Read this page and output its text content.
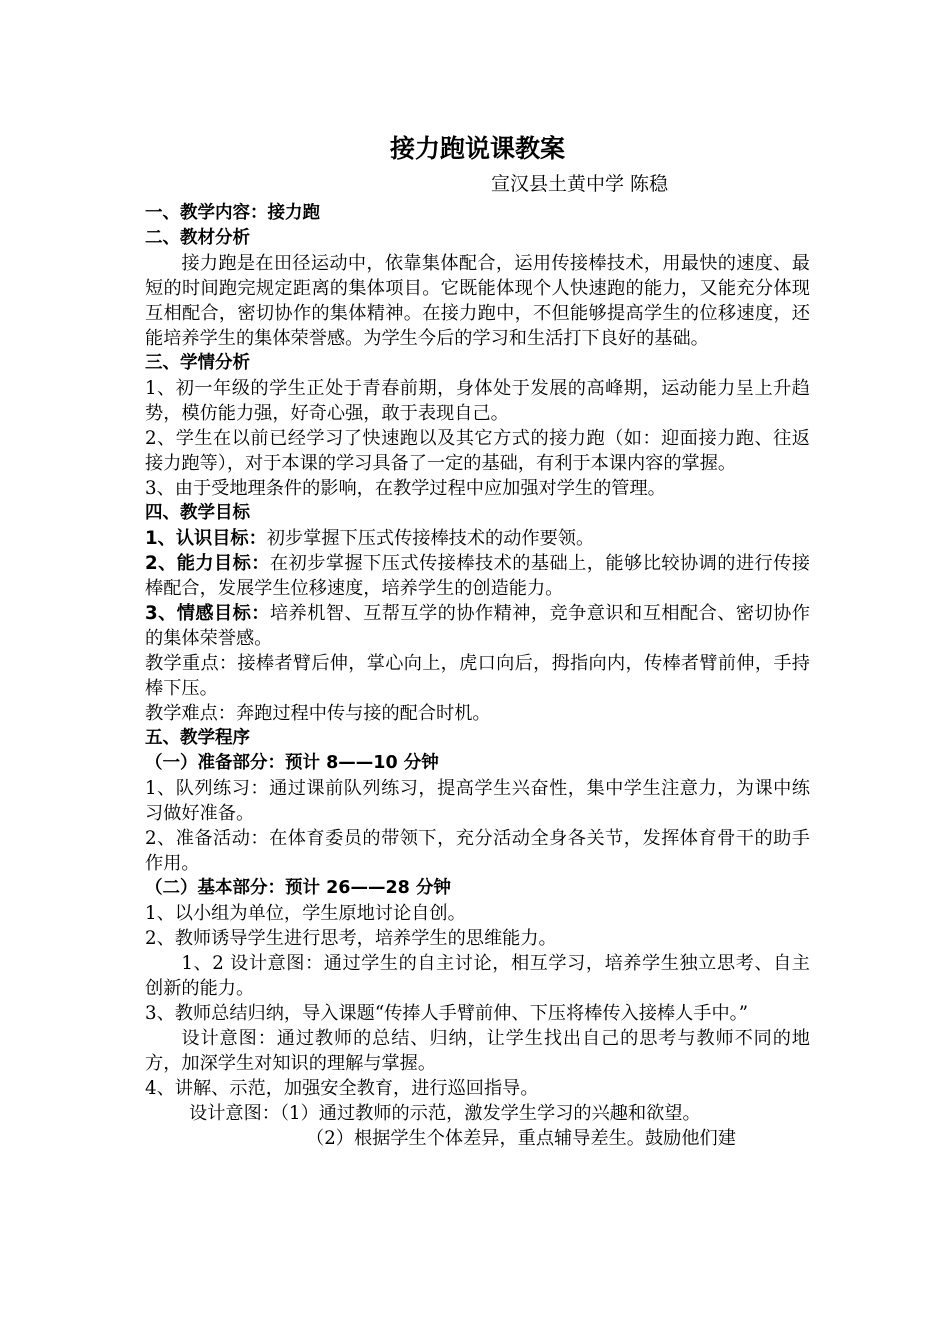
接力跑说课教案
宣汉县土黄中学 陈稳

一、教学内容：接力跑

二、教材分析

接力跑是在田径运动中，依靠集体配合，运用传接棒技术，用最快的速度、最短的时间跑完规定距离的集体项目。它既能体现个人快速跑的能力，又能充分体现互相配合，密切协作的集体精神。在接力跑中，不但能够提高学生的位移速度，还能培养学生的集体荣誉感。为学生今后的学习和生活打下良好的基础。

三、学情分析

1、初一年级的学生正处于青春前期，身体处于发展的高峰期，运动能力呈上升趋势，模仿能力强，好奇心强，敢于表现自己。

2、学生在以前已经学习了快速跑以及其它方式的接力跑（如：迎面接力跑、往返接力跑等），对于本课的学习具备了一定的基础，有利于本课内容的掌握。

3、由于受地理条件的影响，在教学过程中应加强对学生的管理。

四、教学目标

1、认识目标：初步掌握下压式传接棒技术的动作要领。

2、能力目标：在初步掌握下压式传接棒技术的基础上，能够比较协调的进行传接棒配合，发展学生位移速度，培养学生的创造能力。

3、情感目标：培养机智、互帮互学的协作精神，竞争意识和互相配合、密切协作的集体荣誉感。

教学重点：接棒者臂后伸，掌心向上，虎口向后，拇指向内，传棒者臂前伸，手持棒下压。

教学难点：奔跑过程中传与接的配合时机。

五、教学程序

（一）准备部分：预计 8——10 分钟

1、队列练习：通过课前队列练习，提高学生兴奋性，集中学生注意力，为课中练习做好准备。

2、准备活动：在体育委员的带领下，充分活动全身各关节，发挥体育骨干的助手作用。

（二）基本部分：预计 26——28 分钟

1、以小组为单位，学生原地讨论自创。

2、教师诱导学生进行思考，培养学生的思维能力。

1、2 设计意图：通过学生的自主讨论，相互学习，培养学生独立思考、自主创新的能力。

3、教师总结归纳，导入课题“传捧人手臂前伸、下压将棒传入接棒人手中。”

设计意图：通过教师的总结、归纳，让学生找出自己的思考与教师不同的地方，加深学生对知识的理解与掌握。

4、讲解、示范，加强安全教育，进行巡回指导。

设计意图：（1）通过教师的示范，激发学生学习的兴趣和欲望。

（2）根据学生个体差异，重点辅导差生。鼓励他们建
